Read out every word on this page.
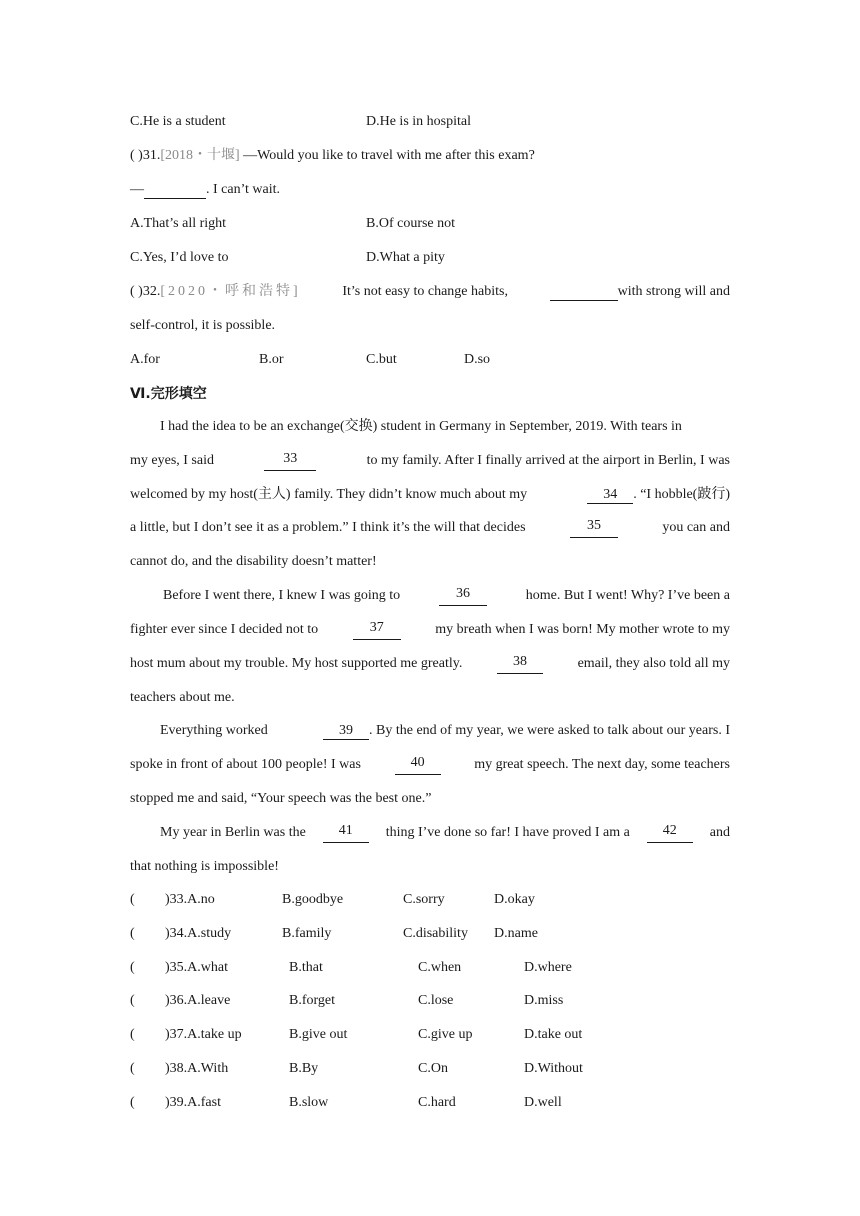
C.He is a student	D.He is in hospital
( )31.[2018・十堰] —Would you like to travel with me after this exam?
—	. I can’t wait.
A.That’s all right	B.Of course not
C.Yes, I’d love to	D.What a pity
( )32.[2020・呼和浩特]	It’s not easy to change habits,	with strong will and
self-control, it is possible.
A.for	B.or	C.but	D.so
Ⅵ.完形填空
I had the idea to be an exchange(交换) student in Germany in September, 2019. With tears in
my eyes, I said	33	to my family. After I finally arrived at the airport in Berlin, I was
welcomed by my host(主人) family. They didn’t know much about my	34 . “I hobble(跛行)
a little, but I don’t see it as a problem.” I think it’s the will that decides	35	you can and
cannot do, and the disability doesn’t matter!
Before I went there, I knew I was going to	36	home. But I went! Why? I’ve been a
fighter ever since I decided not to	37	my breath when I was born! My mother wrote to my
host mum about my trouble. My host supported me greatly.	38	email, they also told all my
teachers about me.
Everything worked	39 . By the end of my year, we were asked to talk about our years. I
spoke in front of about 100 people! I was	40	my great speech. The next day, some teachers
stopped me and said, “Your speech was the best one.”
My year in Berlin was the	41	thing I’ve done so far! I have proved I am a	42	and
that nothing is impossible!
( )33.A.no	B.goodbye	C.sorry	D.okay
( )34.A.study	B.family	C.disability D.name
( )35.A.what	B.that	C.when	D.where
( )36.A.leave	B.forget	C.lose	D.miss
( )37.A.take up	B.give out	C.give up	D.take out
( )38.A.With	B.By	C.On	D.Without
( )39.A.fast	B.slow	C.hard	D.well
